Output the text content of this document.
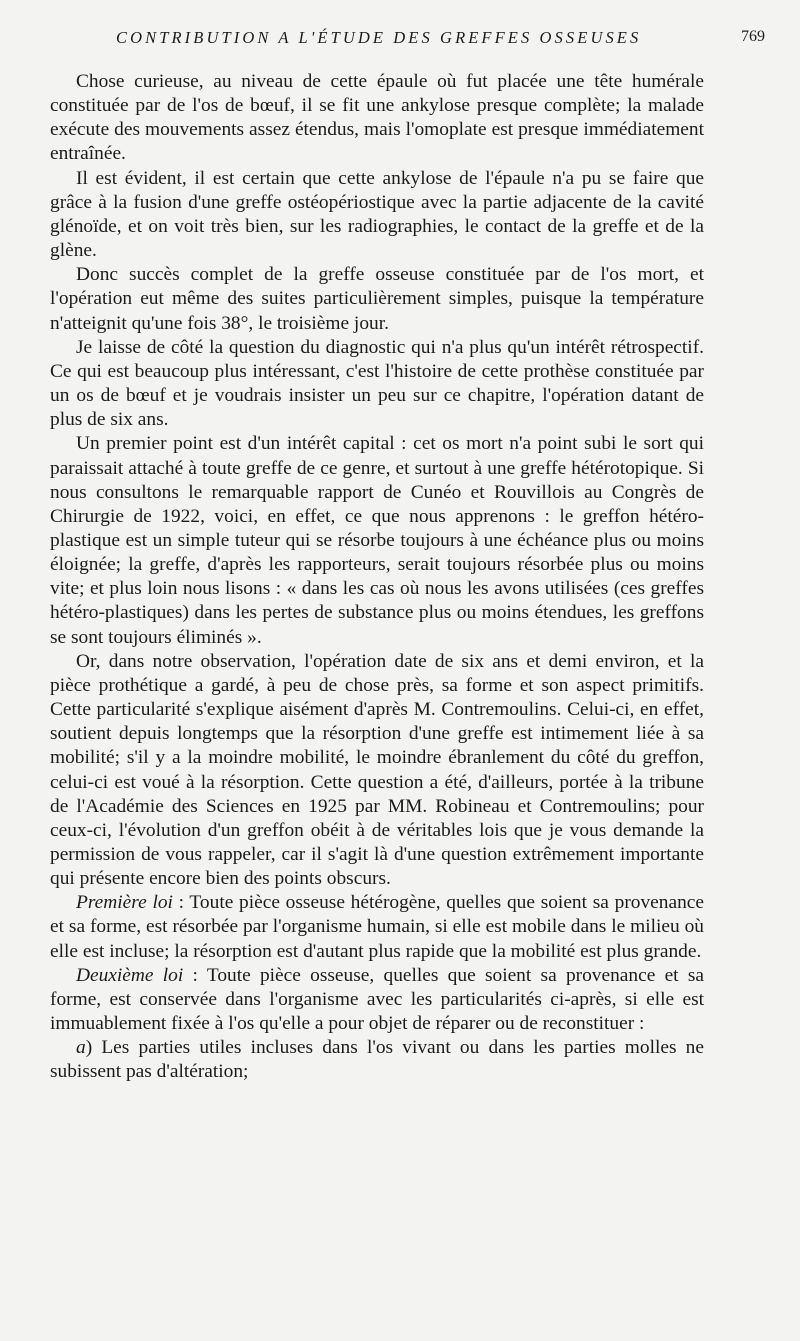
CONTRIBUTION A L'ÉTUDE DES GREFFES OSSEUSES	769

Chose curieuse, au niveau de cette épaule où fut placée une tête humérale constituée par de l'os de bœuf, il se fit une ankylose presque complète; la malade exécute des mouvements assez étendus, mais l'omoplate est presque immédiatement entraînée.

Il est évident, il est certain que cette ankylose de l'épaule n'a pu se faire que grâce à la fusion d'une greffe ostéopériostique avec la partie adjacente de la cavité glénoïde, et on voit très bien, sur les radiographies, le contact de la greffe et de la glène.

Donc succès complet de la greffe osseuse constituée par de l'os mort, et l'opération eut même des suites particulièrement simples, puisque la température n'atteignit qu'une fois 38°, le troisième jour.

Je laisse de côté la question du diagnostic qui n'a plus qu'un intérêt rétrospectif. Ce qui est beaucoup plus intéressant, c'est l'histoire de cette prothèse constituée par un os de bœuf et je voudrais insister un peu sur ce chapitre, l'opération datant de plus de six ans.

Un premier point est d'un intérêt capital : cet os mort n'a point subi le sort qui paraissait attaché à toute greffe de ce genre, et surtout à une greffe hétérotopique. Si nous consultons le remarquable rapport de Cunéo et Rouvillois au Congrès de Chirurgie de 1922, voici, en effet, ce que nous apprenons : le greffon hétéro-plastique est un simple tuteur qui se résorbe toujours à une échéance plus ou moins éloignée; la greffe, d'après les rapporteurs, serait toujours résorbée plus ou moins vite; et plus loin nous lisons : « dans les cas où nous les avons utilisées (ces greffes hétéro-plastiques) dans les pertes de substance plus ou moins étendues, les greffons se sont toujours éliminés ».

Or, dans notre observation, l'opération date de six ans et demi environ, et la pièce prothétique a gardé, à peu de chose près, sa forme et son aspect primitifs. Cette particularité s'explique aisément d'après M. Contremoulins. Celui-ci, en effet, soutient depuis longtemps que la résorption d'une greffe est intimement liée à sa mobilité; s'il y a la moindre mobilité, le moindre ébranlement du côté du greffon, celui-ci est voué à la résorption. Cette question a été, d'ailleurs, portée à la tribune de l'Académie des Sciences en 1925 par MM. Robineau et Contremoulins; pour ceux-ci, l'évolution d'un greffon obéit à de véritables lois que je vous demande la permission de vous rappeler, car il s'agit là d'une question extrêmement importante qui présente encore bien des points obscurs.

Première loi : Toute pièce osseuse hétérogène, quelles que soient sa provenance et sa forme, est résorbée par l'organisme humain, si elle est mobile dans le milieu où elle est incluse; la résorption est d'autant plus rapide que la mobilité est plus grande.

Deuxième loi : Toute pièce osseuse, quelles que soient sa provenance et sa forme, est conservée dans l'organisme avec les particularités ci-après, si elle est immuablement fixée à l'os qu'elle a pour objet de réparer ou de reconstituer :

a) Les parties utiles incluses dans l'os vivant ou dans les parties molles ne subissent pas d'altération;
